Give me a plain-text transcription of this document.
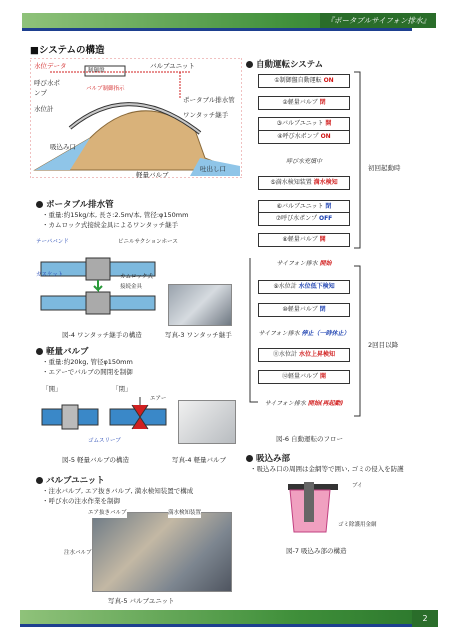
『ポータブルサイフォン排水』
■システムの構造
水位データ
制御盤
バルブユニット
呼び水ポンプ
水位計
バルブ制御指示
ポータブル排水管
ワンタッチ継手
吸込み口
吐出し口
軽量バルブ
ポータブル排水管
・重量:約15kg/本, 長さ:2.5m/本, 管径:φ150mm
・カムロック式接続金具によるワンタッチ継手
テーパバンド	ビニルサクションホース
ガスケット	カムロック式 接続金具
図-4 ワンタッチ継手の構造	写真-3 ワンタッチ継手
軽量バルブ
・重量:約20kg, 管径φ150mm
・エアーでバルブの開閉を制御
「開」	「閉」
エアー
ゴムスリーブ
図-5 軽量バルブの構造	写真-4 軽量バルブ
バルブユニット
・注水バルブ, エア抜きバルブ, 満水検知装置で構成
・呼び水の注水作業を制御
エア抜きバルブ	満水検知装置
注水バルブ
写真-5 バルブユニット
自動運転システム
①制御盤自動運転 ON
②軽量バルブ 閉
③バルブユニット 開
④呼び水ポンプ ON
呼び水充填中
⑤満水検知装置 満水検知
⑥バルブユニット 閉
⑦呼び水ポンプ OFF
⑧軽量バルブ 開
サイフォン排水 開始
⑨水位計 水位低下検知
⑩軽量バルブ 閉
サイフォン排水 停止（一時休止）
⑪水位計 水位上昇検知
⑫軽量バルブ 開
サイフォン排水 開始(再起動)
初回起動時
2回目以降
図-6 自動運転のフロー
吸込み部
・吸込み口の周囲は金網等で囲い, ゴミの侵入を防護
ブイ
ゴミ除護用金網
図-7 吸込み部の構造
2
